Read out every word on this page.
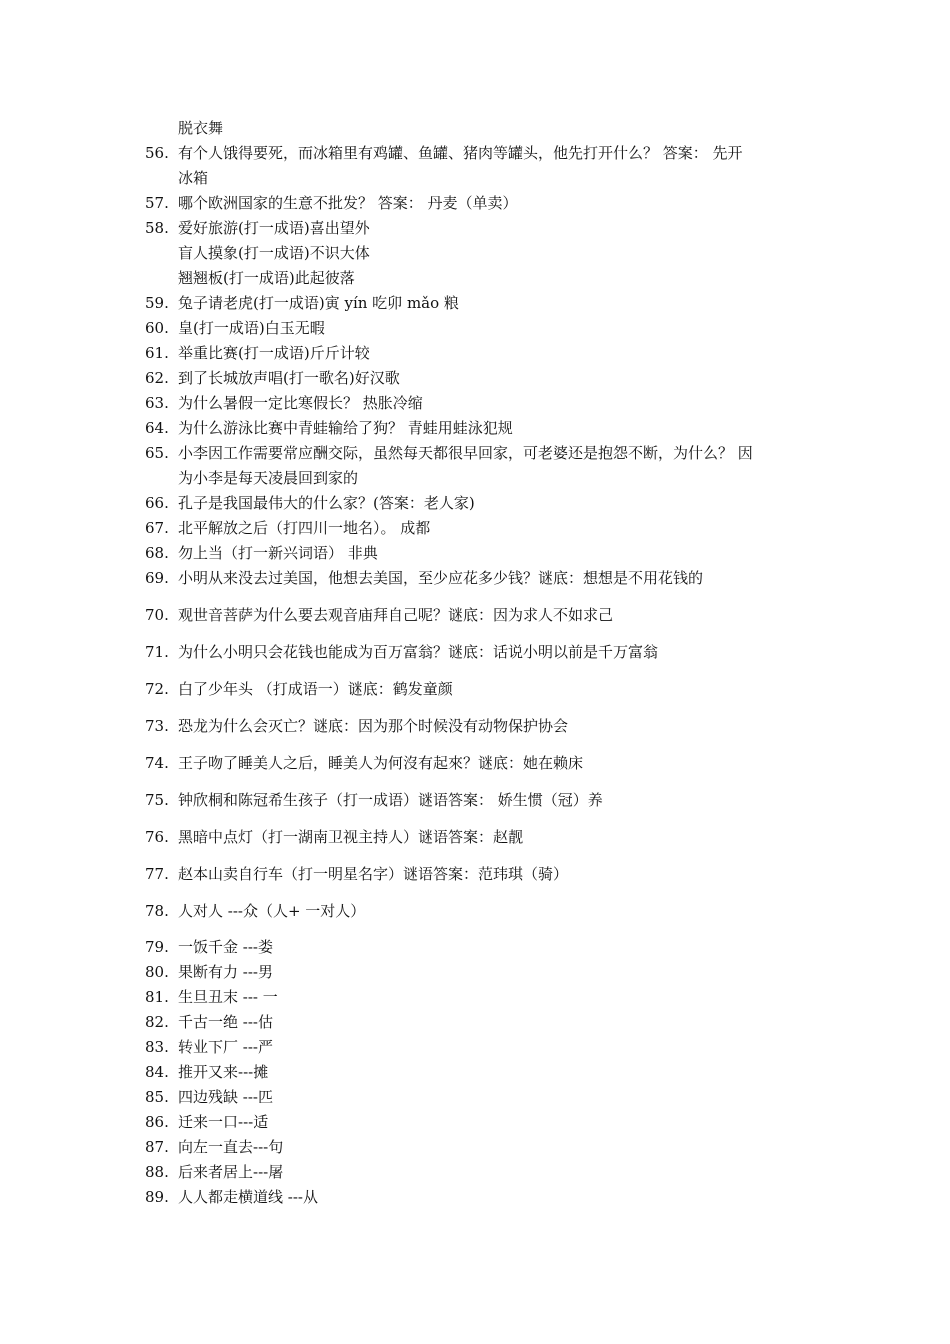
脱衣舞
56. 有个人饿得要死，而冰箱里有鸡罐、鱼罐、猪肉等罐头，他先打开什么？ 答案： 先开
冰箱
57. 哪个欧洲国家的生意不批发？ 答案： 丹麦（单卖）
58. 爱好旅游(打一成语)喜出望外
盲人摸象(打一成语)不识大体
翘翘板(打一成语)此起彼落
59. 兔子请老虎(打一成语)寅 yín 吃卯 mǎo 粮
60. 皇(打一成语)白玉无暇
61. 举重比赛(打一成语)斤斤计较
62. 到了长城放声唱(打一歌名)好汉歌
63. 为什么暑假一定比寒假长？ 热胀冷缩
64. 为什么游泳比赛中青蛙输给了狗？ 青蛙用蛙泳犯规
65. 小李因工作需要常应酬交际，虽然每天都很早回家，可老婆还是抱怨不断，为什么？ 因
为小李是每天凌晨回到家的
66. 孔子是我国最伟大的什么家？(答案：老人家)
67. 北平解放之后（打四川一地名）。 成都
68. 勿上当（打一新兴词语） 非典
69. 小明从来没去过美国，他想去美国，至少应花多少钱？谜底：想想是不用花钱的
70. 观世音菩萨为什么要去观音庙拜自己呢？谜底：因为求人不如求己
71. 为什么小明只会花钱也能成为百万富翁？谜底：话说小明以前是千万富翁
72. 白了少年头 （打成语一）谜底：鹤发童颜
73. 恐龙为什么会灭亡？谜底：因为那个时候没有动物保护协会
74. 王子吻了睡美人之后，睡美人为何沒有起來？谜底：她在赖床
75. 钟欣桐和陈冠希生孩子（打一成语）谜语答案： 娇生惯（冠）养
76. 黑暗中点灯（打一湖南卫视主持人）谜语答案：赵靓
77. 赵本山卖自行车（打一明星名字）谜语答案：范玮琪（骑）
78. 人对人 ---众（人+ 一对人）
79. 一饭千金 ---娄
80. 果断有力 ---男
81. 生旦丑末 --- 一
82. 千古一绝 ---估
83. 转业下厂 ---严
84. 推开又来---摊
85. 四边残缺 ---匹
86. 迁来一口---适
87. 向左一直去---句
88. 后来者居上---屠
89. 人人都走横道线 ---从
